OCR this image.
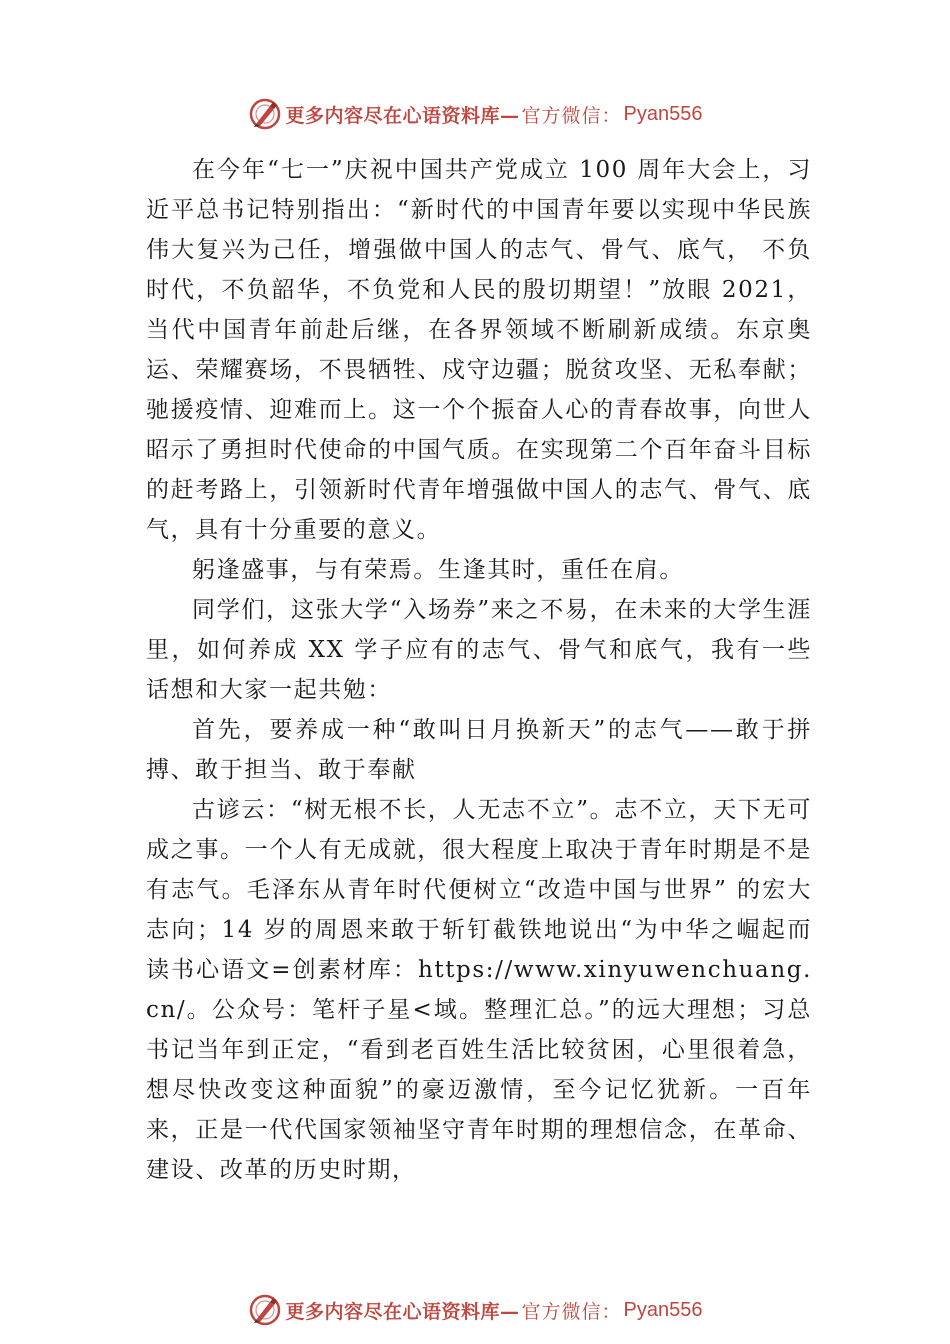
更多内容尽在心语资料库— 官方微信： Pyan556

在今年“七一”庆祝中国共产党成立 100 周年大会上，习近平总书记特别指出：“新时代的中国青年要以实现中华民族伟大复兴为己任，增强做中国人的志气、骨气、底气， 不负时代，不负韶华，不负党和人民的殷切期望！”放眼 2021， 当代中国青年前赴后继，在各界领域不断刷新成绩。东京奥运、荣耀赛场，不畏牺牲、戍守边疆；脱贫攻坚、无私奉献； 驰援疫情、迎难而上。这一个个振奋人心的青春故事，向世人昭示了勇担时代使命的中国气质。在实现第二个百年奋斗目标的赶考路上，引领新时代青年增强做中国人的志气、骨气、底气，具有十分重要的意义。

躬逢盛事，与有荣焉。生逢其时，重任在肩。

同学们，这张大学“入场券”来之不易，在未来的大学生涯里，如何养成 XX 学子应有的志气、骨气和底气，我有一些话想和大家一起共勉：

首先，要养成一种“敢叫日月换新天”的志气——敢于拼搏、敢于担当、敢于奉献

古谚云：“树无根不长，人无志不立”。志不立，天下无可成之事。一个人有无成就，很大程度上取决于青年时期是不是有志气。毛泽东从青年时代便树立“改造中国与世界” 的宏大志向；14 岁的周恩来敢于斩钉截铁地说出“为中华之崛起而读书心语文=创素材库：https://www.xinyuwenchuang.cn/。公众号：笔杆子星<域。整理汇总。”的远大理想；习总书记当年到正定，“看到老百姓生活比较贫困，心里很着急，想尽快改变这种面貌”的豪迈激情，至今记忆犹新。一百年来，正是一代代国家领袖坚守青年时期的理想信念，在革命、建设、改革的历史时期，

更多内容尽在心语资料库— 官方微信： Pyan556
